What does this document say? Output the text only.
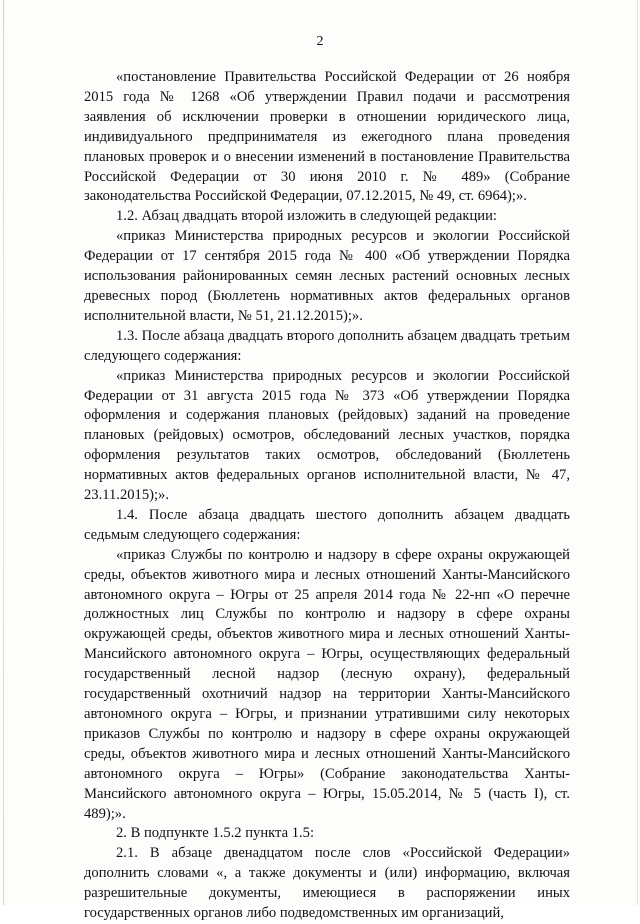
2

«постановление Правительства Российской Федерации от 26 ноября 2015 года № 1268 «Об утверждении Правил подачи и рассмотрения заявления об исключении проверки в отношении юридического лица, индивидуального предпринимателя из ежегодного плана проведения плановых проверок и о внесении изменений в постановление Правительства Российской Федерации от 30 июня 2010 г. № 489» (Собрание законодательства Российской Федерации, 07.12.2015, № 49, ст. 6964);».

1.2. Абзац двадцать второй изложить в следующей редакции:

«приказ Министерства природных ресурсов и экологии Российской Федерации от 17 сентября 2015 года № 400 «Об утверждении Порядка использования районированных семян лесных растений основных лесных древесных пород (Бюллетень нормативных актов федеральных органов исполнительной власти, № 51, 21.12.2015);».

1.3. После абзаца двадцать второго дополнить абзацем двадцать третьим следующего содержания:

«приказ Министерства природных ресурсов и экологии Российской Федерации от 31 августа 2015 года № 373 «Об утверждении Порядка оформления и содержания плановых (рейдовых) заданий на проведение плановых (рейдовых) осмотров, обследований лесных участков, порядка оформления результатов таких осмотров, обследований (Бюллетень нормативных актов федеральных органов исполнительной власти, № 47, 23.11.2015);».

1.4. После абзаца двадцать шестого дополнить абзацем двадцать седьмым следующего содержания:

«приказ Службы по контролю и надзору в сфере охраны окружающей среды, объектов животного мира и лесных отношений Ханты-Мансийского автономного округа – Югры от 25 апреля 2014 года № 22-нп «О перечне должностных лиц Службы по контролю и надзору в сфере охраны окружающей среды, объектов животного мира и лесных отношений Ханты-Мансийского автономного округа – Югры, осуществляющих федеральный государственный лесной надзор (лесную охрану), федеральный государственный охотничий надзор на территории Ханты-Мансийского автономного округа – Югры, и признании утратившими силу некоторых приказов Службы по контролю и надзору в сфере охраны окружающей среды, объектов животного мира и лесных отношений Ханты-Мансийского автономного округа – Югры» (Собрание законодательства Ханты-Мансийского автономного округа – Югры, 15.05.2014, № 5 (часть I), ст. 489);».

2. В подпункте 1.5.2 пункта 1.5:

2.1. В абзаце двенадцатом после слов «Российской Федерации» дополнить словами «, а также документы и (или) информацию, включая разрешительные документы, имеющиеся в распоряжении иных государственных органов либо подведомственных им организаций,
